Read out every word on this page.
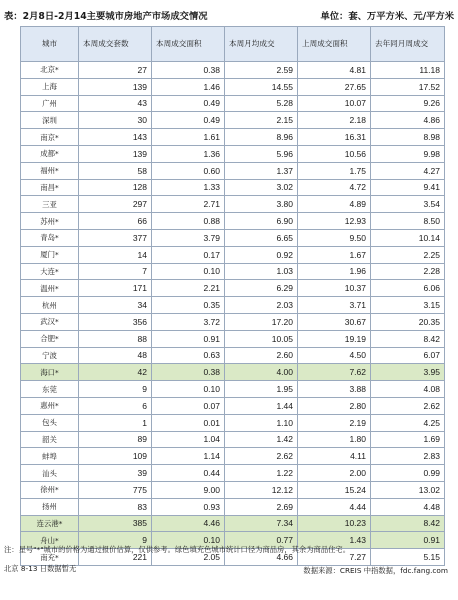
表：2月8日-2月14主要城市房地产市场成交情况	单位：套、万平方米、元/平方米
城市	本周成交套数	本周成交面积	本周月均成交	上周成交面积	去年同月周成交
北京*	27	0.38	2.59	4.81	11.18
上海	139	1.46	14.55	27.65	17.52
广州	43	0.49	5.28	10.07	9.26
深圳	30	0.49	2.15	2.18	4.86
南京*	143	1.61	8.96	16.31	8.98
成都*	139	1.36	5.96	10.56	9.98
福州*	58	0.60	1.37	1.75	4.27
南昌*	128	1.33	3.02	4.72	9.41
三亚	297	2.71	3.80	4.89	3.54
苏州*	66	0.88	6.90	12.93	8.50
青岛*	377	3.79	6.65	9.50	10.14
厦门*	14	0.17	0.92	1.67	2.25
大连*	7	0.10	1.03	1.96	2.28
温州*	171	2.21	6.29	10.37	6.06
杭州	34	0.35	2.03	3.71	3.15
武汉*	356	3.72	17.20	30.67	20.35
合肥*	88	0.91	10.05	19.19	8.42
宁波	48	0.63	2.60	4.50	6.07
海口*	42	0.38	4.00	7.62	3.95
东莞	9	0.10	1.95	3.88	4.08
惠州*	6	0.07	1.44	2.80	2.62
包头	1	0.01	1.10	2.19	4.25
韶关	89	1.04	1.42	1.80	1.69
蚌埠	109	1.14	2.62	4.11	2.83
汕头	39	0.44	1.22	2.00	0.99
徐州*	775	9.00	12.12	15.24	13.02
扬州	83	0.93	2.69	4.44	4.48
连云港*	385	4.46	7.34	10.23	8.42
舟山*	9	0.10	0.77	1.43	0.91
南充*	221	2.05	4.66	7.27	5.15
注：星号"*"城市的价格为通过报价估算，仅供参考。绿色填充色城市统计口径为商品房，其余为商品住宅。
北京 8-13 日数据暂无	数据来源：CREIS 中指数据，fdc.fang.com
